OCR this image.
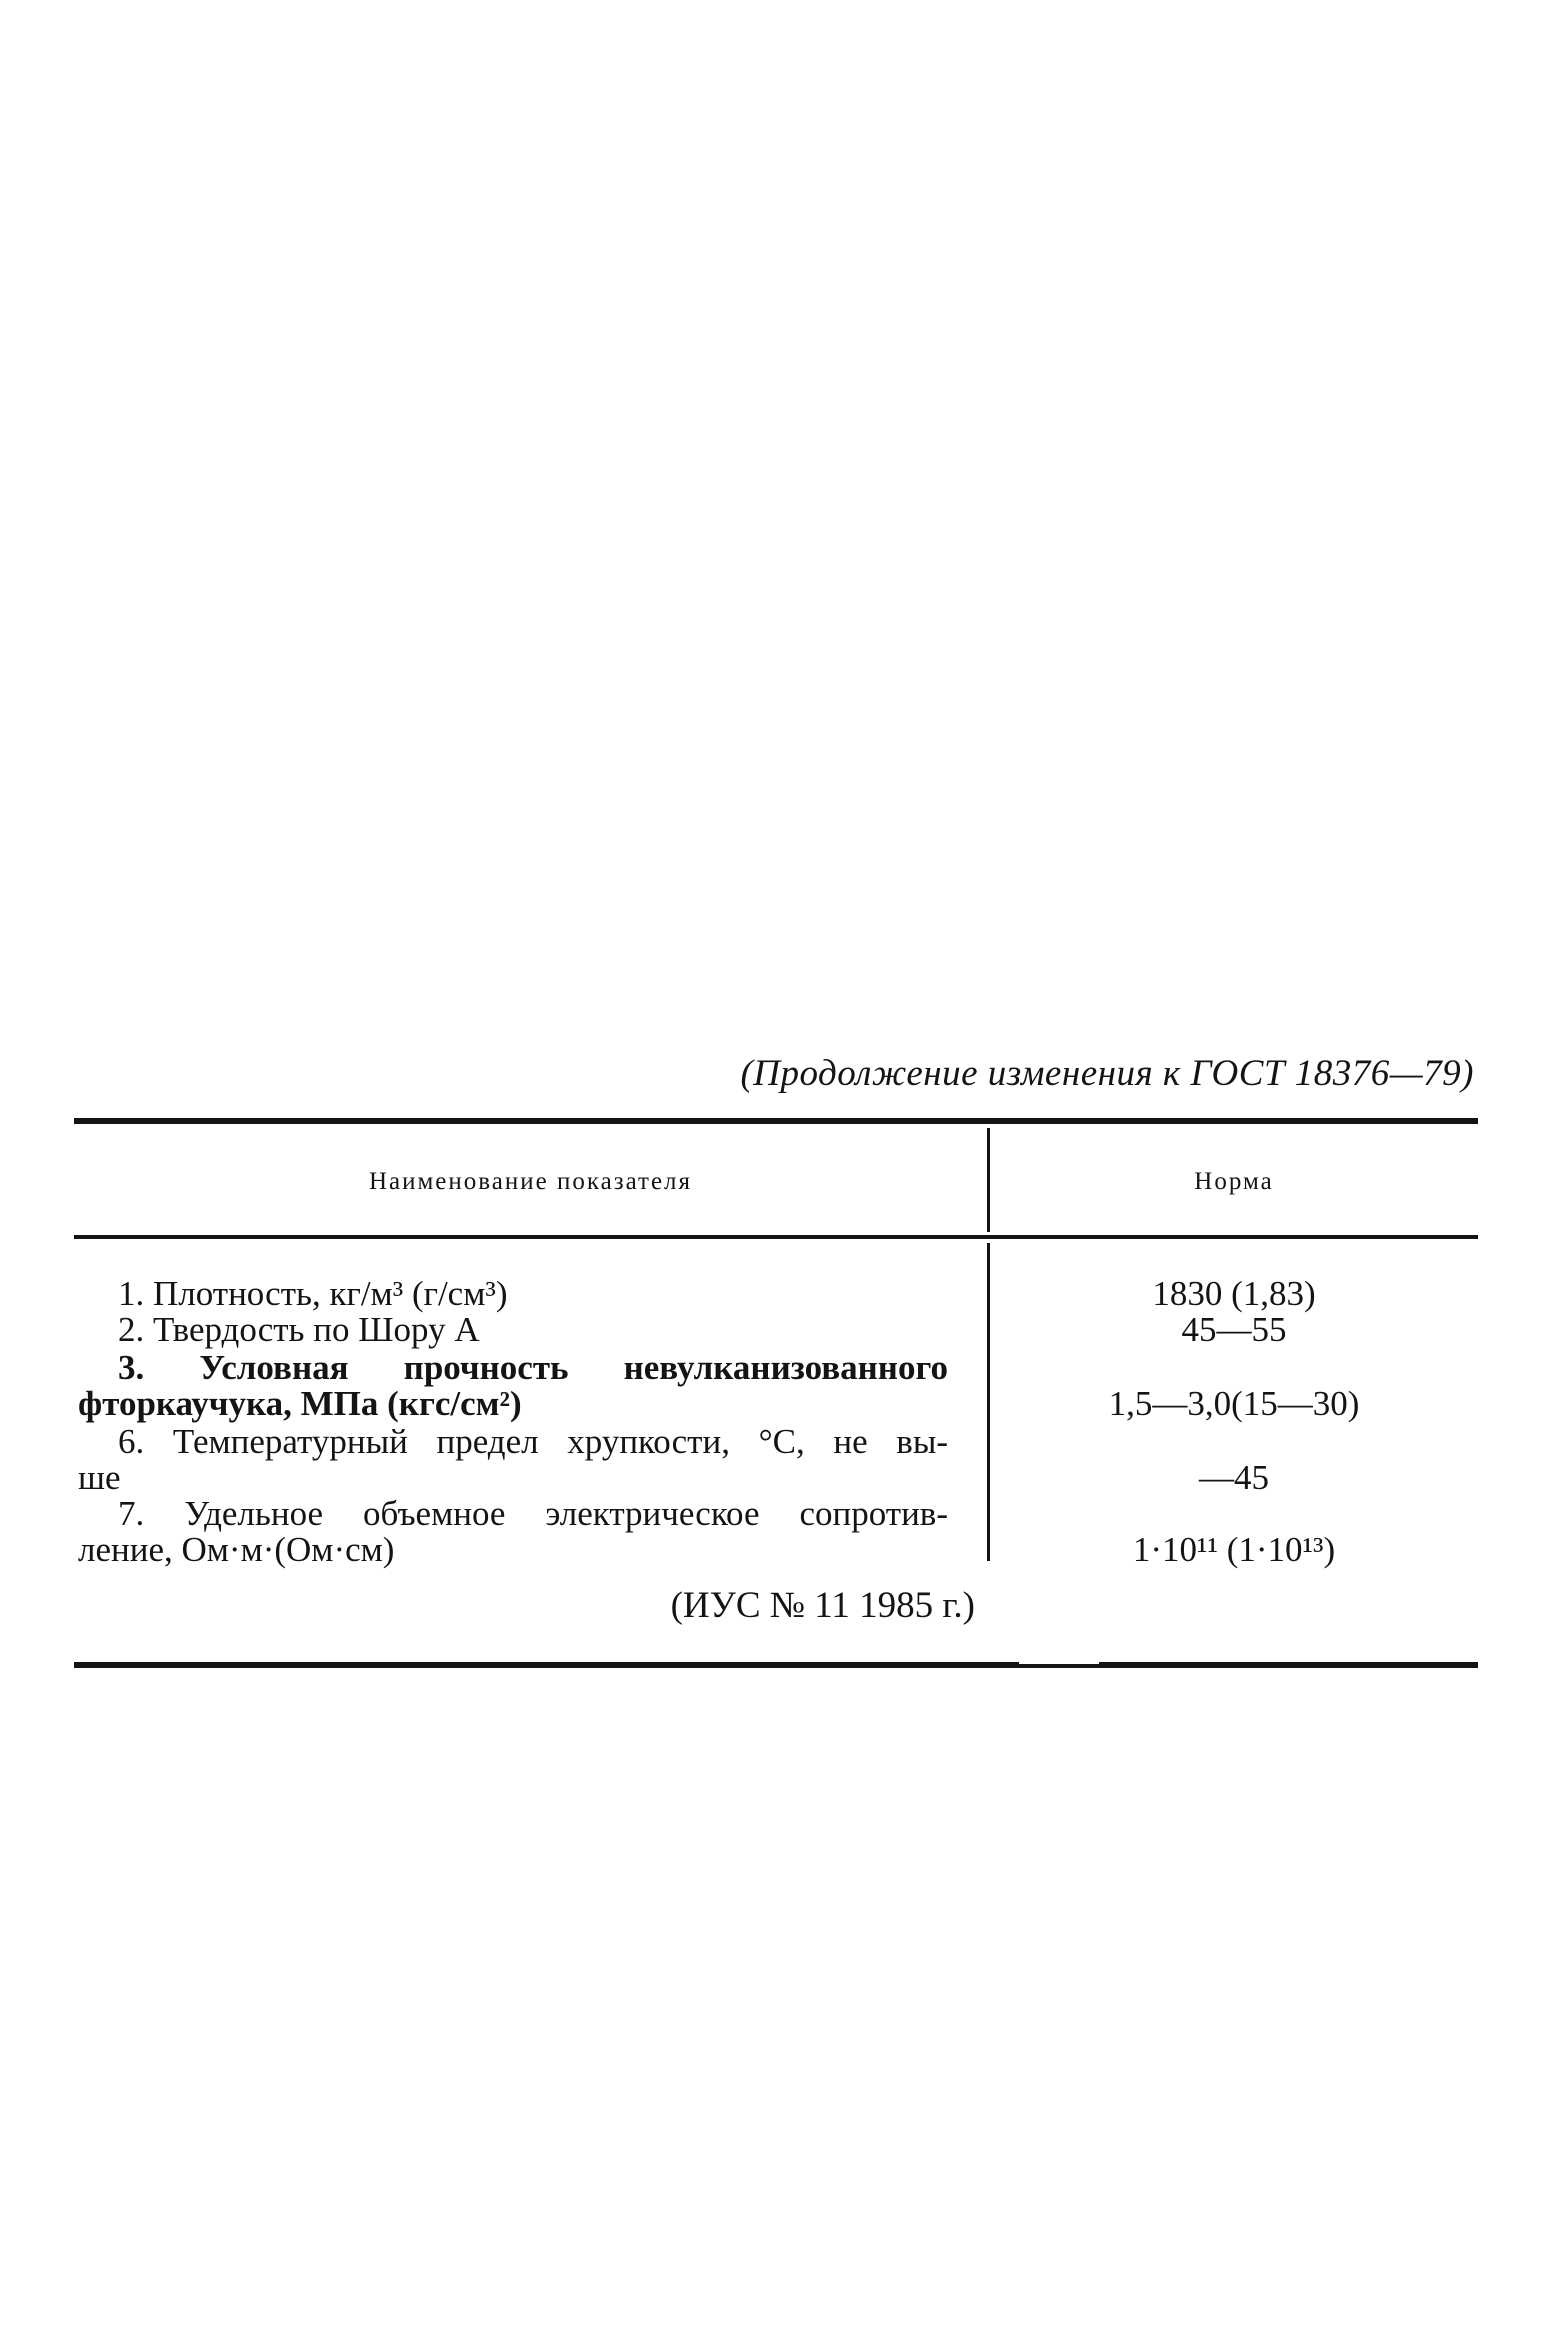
(Продолжение изменения к ГОСТ 18376—79)
Наименование показателя	Норма
1. Плотность, кг/м³ (г/см³)	1830 (1,83)
2. Твердость по Шору А	45—55
3. Условная прочность невулканизованного
фторкаучука, МПа (кгс/см²)	1,5—3,0(15—30)
6. Температурный предел хрупкости, °С, не вы-
ше	—45
7. Удельное объемное электрическое сопротив-
ление, Ом·м·(Ом·см)	1·10¹¹ (1·10¹³)
(ИУС № 11 1985 г.)
